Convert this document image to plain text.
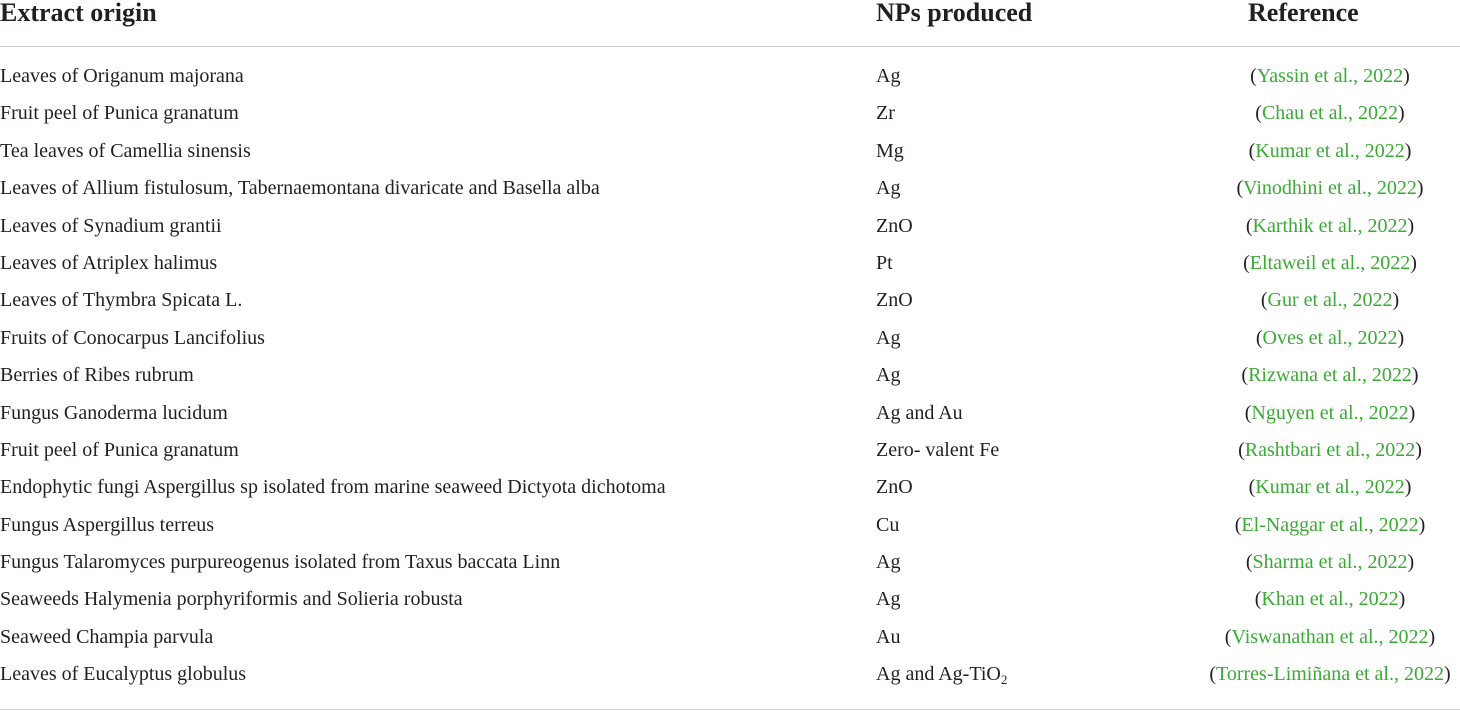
Extract origin	NPs produced	Reference
Leaves of Origanum majorana	Ag	(Yassin et al., 2022)
Fruit peel of Punica granatum	Zr	(Chau et al., 2022)
Tea leaves of Camellia sinensis	Mg	(Kumar et al., 2022)
Leaves of Allium fistulosum, Tabernaemontana divaricate and Basella alba	Ag	(Vinodhini et al., 2022)
Leaves of Synadium grantii	ZnO	(Karthik et al., 2022)
Leaves of Atriplex halimus	Pt	(Eltaweil et al., 2022)
Leaves of Thymbra Spicata L.	ZnO	(Gur et al., 2022)
Fruits of Conocarpus Lancifolius	Ag	(Oves et al., 2022)
Berries of Ribes rubrum	Ag	(Rizwana et al., 2022)
Fungus Ganoderma lucidum	Ag and Au	(Nguyen et al., 2022)
Fruit peel of Punica granatum	Zero- valent Fe	(Rashtbari et al., 2022)
Endophytic fungi Aspergillus sp isolated from marine seaweed Dictyota dichotoma	ZnO	(Kumar et al., 2022)
Fungus Aspergillus terreus	Cu	(El-Naggar et al., 2022)
Fungus Talaromyces purpureogenus isolated from Taxus baccata Linn	Ag	(Sharma et al., 2022)
Seaweeds Halymenia porphyriformis and Solieria robusta	Ag	(Khan et al., 2022)
Seaweed Champia parvula	Au	(Viswanathan et al., 2022)
Leaves of Eucalyptus globulus	Ag and Ag-TiO$_2$	(Torres-Limiñana et al., 2022)
